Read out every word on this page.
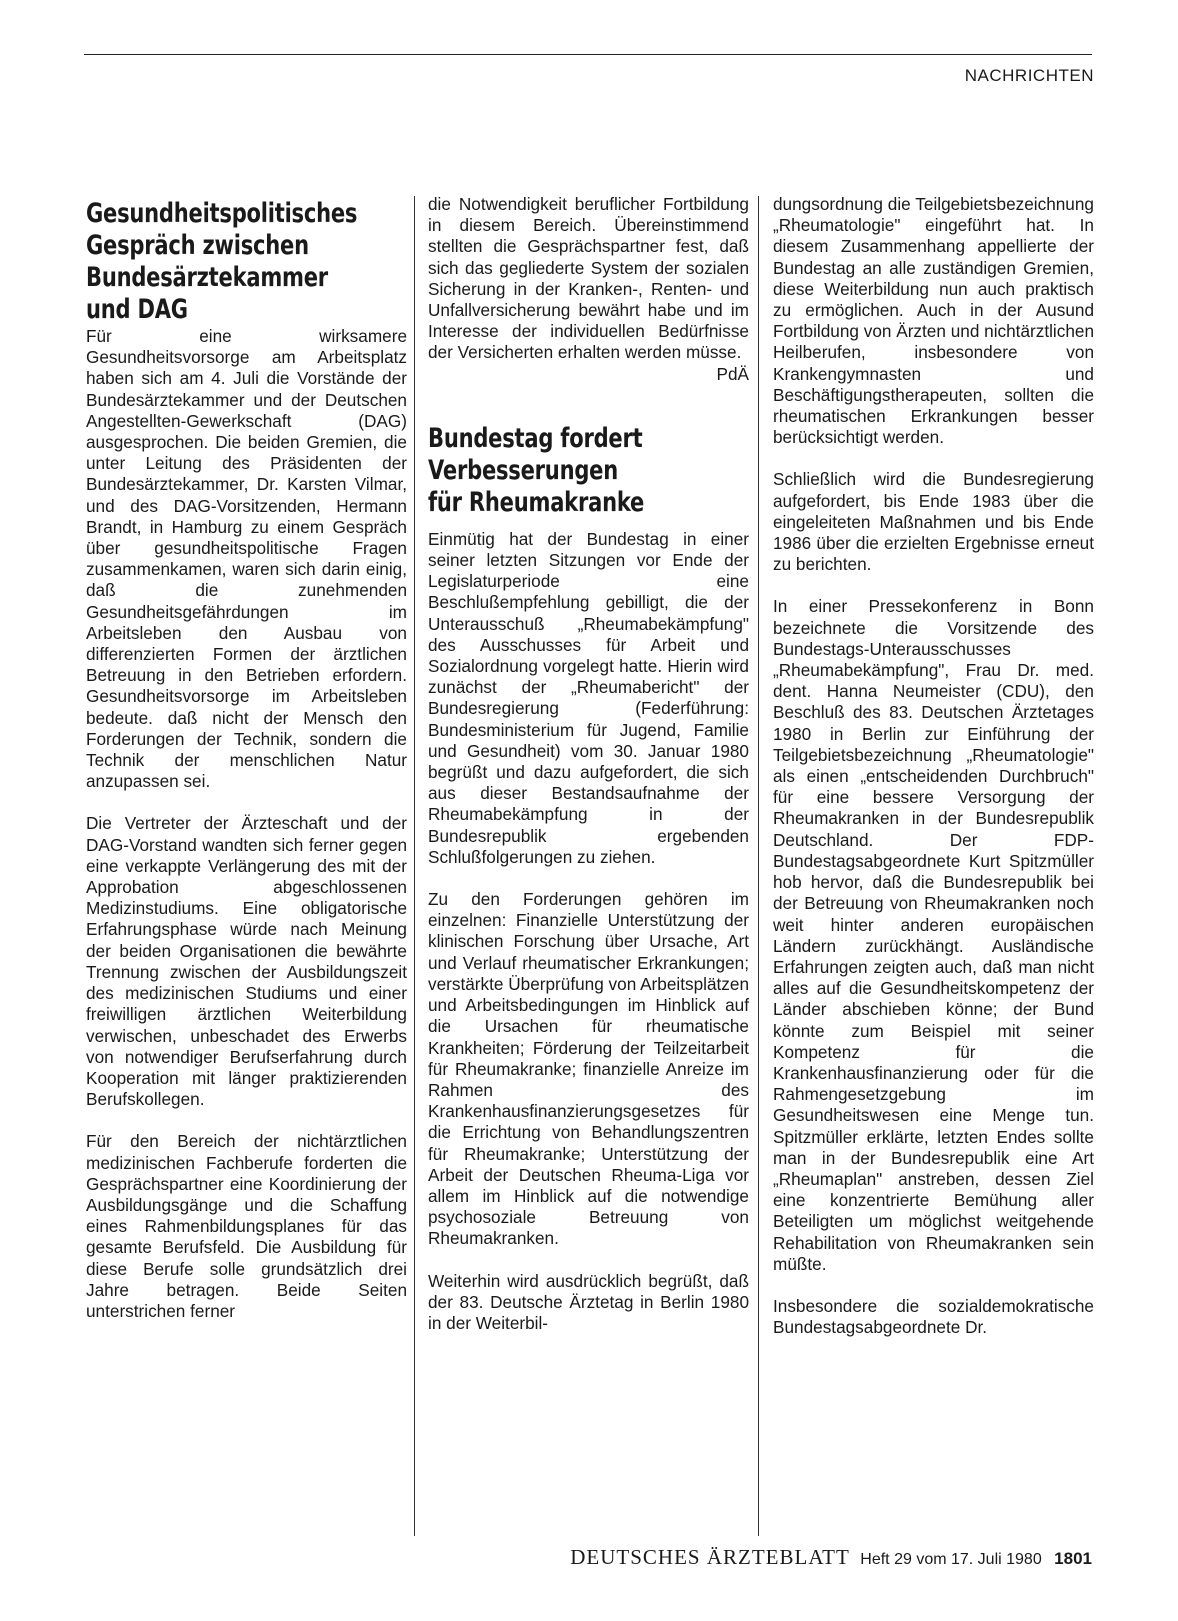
NACHRICHTEN
Gesundheitspolitisches
Gespräch zwischen
Bundesärztekammer
und DAG

Für eine wirksamere Gesundheitsvorsorge am Arbeitsplatz haben sich am 4. Juli die Vorstände der Bundesärztekammer und der Deutschen Angestellten-Gewerkschaft (DAG) ausgesprochen. Die beiden Gremien, die unter Leitung des Präsidenten der Bundesärztekammer, Dr. Karsten Vilmar, und des DAG-Vorsitzenden, Hermann Brandt, in Hamburg zu einem Gespräch über gesundheitspolitische Fragen zusammenkamen, waren sich darin einig, daß die zunehmenden Gesundheitsgefährdungen im Arbeitsleben den Ausbau von differenzierten Formen der ärztlichen Betreuung in den Betrieben erfordern. Gesundheitsvorsorge im Arbeitsleben bedeute. daß nicht der Mensch den Forderungen der Technik, sondern die Technik der menschlichen Natur anzupassen sei.

Die Vertreter der Ärzteschaft und der DAG-Vorstand wandten sich ferner gegen eine verkappte Verlängerung des mit der Approbation abgeschlossenen Medizinstudiums. Eine obligatorische Erfahrungsphase würde nach Meinung der beiden Organisationen die bewährte Trennung zwischen der Ausbildungszeit des medizinischen Studiums und einer freiwilligen ärztlichen Weiterbildung verwischen, unbeschadet des Erwerbs von notwendiger Berufserfahrung durch Kooperation mit länger praktizierenden Berufskollegen.

Für den Bereich der nichtärztlichen medizinischen Fachberufe forderten die Gesprächspartner eine Koordinierung der Ausbildungsgänge und die Schaffung eines Rahmenbildungsplanes für das gesamte Berufsfeld. Die Ausbildung für diese Berufe solle grundsätzlich drei Jahre betragen. Beide Seiten unterstrichen ferner

die Notwendigkeit beruflicher Fortbildung in diesem Bereich. Übereinstimmend stellten die Gesprächspartner fest, daß sich das gegliederte System der sozialen Sicherung in der Kranken-, Renten- und Unfallversicherung bewährt habe und im Interesse der individuellen Bedürfnisse der Versicherten erhalten werden müsse.

PdÄ
Bundestag fordert
Verbesserungen
für Rheumakranke

Einmütig hat der Bundestag in einer seiner letzten Sitzungen vor Ende der Legislaturperiode eine Beschlußempfehlung gebilligt, die der Unterausschuß „Rheumabekämpfung" des Ausschusses für Arbeit und Sozialordnung vorgelegt hatte. Hierin wird zunächst der „Rheumabericht" der Bundesregierung (Federführung: Bundesministerium für Jugend, Familie und Gesundheit) vom 30. Januar 1980 begrüßt und dazu aufgefordert, die sich aus dieser Bestandsaufnahme der Rheumabekämpfung in der Bundesrepublik ergebenden Schlußfolgerungen zu ziehen.

Zu den Forderungen gehören im einzelnen: Finanzielle Unterstützung der klinischen Forschung über Ursache, Art und Verlauf rheumatischer Erkrankungen; verstärkte Überprüfung von Arbeitsplätzen und Arbeitsbedingungen im Hinblick auf die Ursachen für rheumatische Krankheiten; Förderung der Teilzeitarbeit für Rheumakranke; finanzielle Anreize im Rahmen des Krankenhausfinanzierungsgesetzes für die Errichtung von Behandlungszentren für Rheumakranke; Unterstützung der Arbeit der Deutschen Rheuma-Liga vor allem im Hinblick auf die notwendige psychosoziale Betreuung von Rheumakranken.

Weiterhin wird ausdrücklich begrüßt, daß der 83. Deutsche Ärztetag in Berlin 1980 in der Weiterbil-

dungsordnung die Teilgebietsbezeichnung „Rheumatologie" eingeführt hat. In diesem Zusammenhang appellierte der Bundestag an alle zuständigen Gremien, diese Weiterbildung nun auch praktisch zu ermöglichen. Auch in der Ausund Fortbildung von Ärzten und nichtärztlichen Heilberufen, insbesondere von Krankengymnasten und Beschäftigungstherapeuten, sollten die rheumatischen Erkrankungen besser berücksichtigt werden.

Schließlich wird die Bundesregierung aufgefordert, bis Ende 1983 über die eingeleiteten Maßnahmen und bis Ende 1986 über die erzielten Ergebnisse erneut zu berichten.

In einer Pressekonferenz in Bonn bezeichnete die Vorsitzende des Bundestags-Unterausschusses „Rheumabekämpfung", Frau Dr. med. dent. Hanna Neumeister (CDU), den Beschluß des 83. Deutschen Ärztetages 1980 in Berlin zur Einführung der Teilgebietsbezeichnung „Rheumatologie" als einen „entscheidenden Durchbruch" für eine bessere Versorgung der Rheumakranken in der Bundesrepublik Deutschland. Der FDP-Bundestagsabgeordnete Kurt Spitzmüller hob hervor, daß die Bundesrepublik bei der Betreuung von Rheumakranken noch weit hinter anderen europäischen Ländern zurückhängt. Ausländische Erfahrungen zeigten auch, daß man nicht alles auf die Gesundheitskompetenz der Länder abschieben könne; der Bund könnte zum Beispiel mit seiner Kompetenz für die Krankenhausfinanzierung oder für die Rahmengesetzgebung im Gesundheitswesen eine Menge tun. Spitzmüller erklärte, letzten Endes sollte man in der Bundesrepublik eine Art „Rheumaplan" anstreben, dessen Ziel eine konzentrierte Bemühung aller Beteiligten um möglichst weitgehende Rehabilitation von Rheumakranken sein müßte.

Insbesondere die sozialdemokratische Bundestagsabgeordnete Dr.

DEUTSCHES ÄRZTEBLATT Heft 29 vom 17. Juli 1980 1801
